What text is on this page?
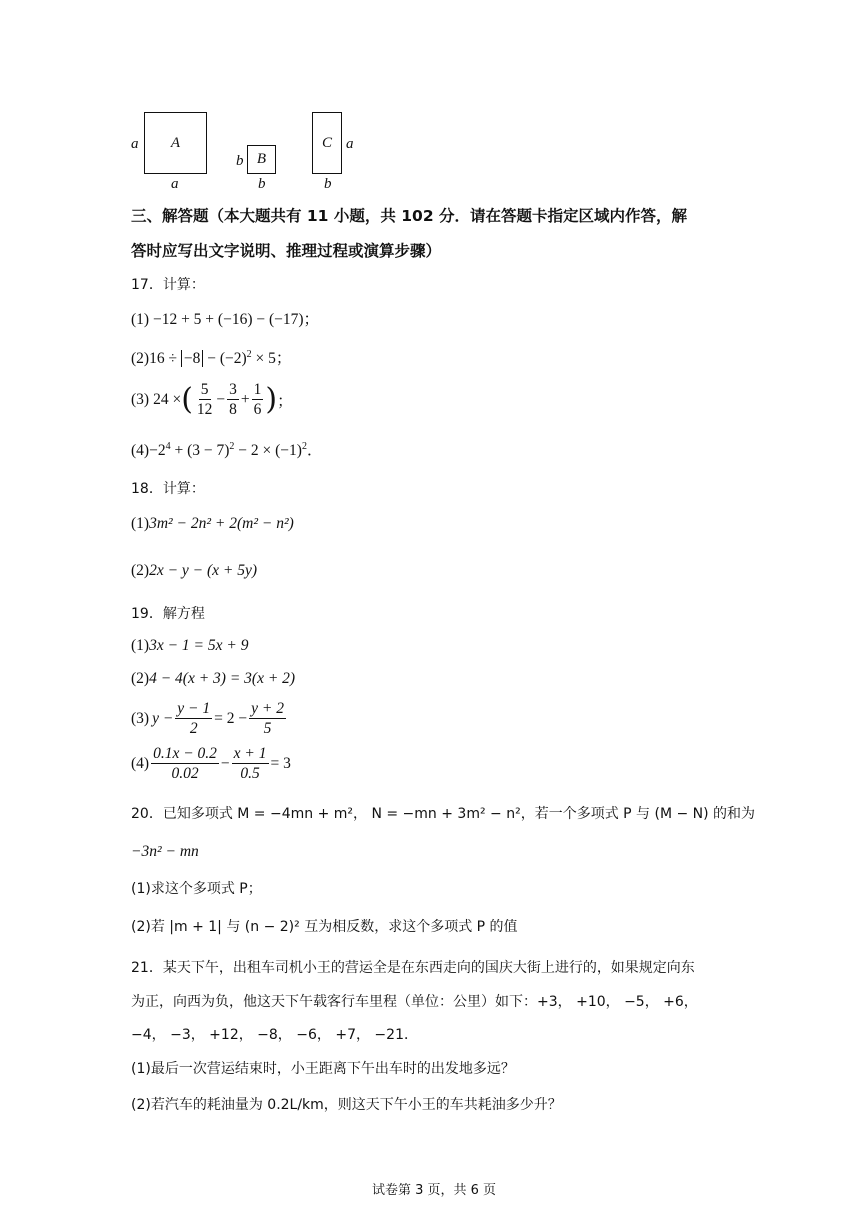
A
a
a
B
b
b
C a
b
三、解答题（本大题共有 11 小题，共 102 分．请在答题卡指定区域内作答，解
答时应写出文字说明、推理过程或演算步骤）
17．计算：
(1) −12 + 5 + (−16) − (−17)；
$(2)16 \div -8 - (-2)^2 \times 5$；
(3) 24 × ( $\frac{5}{12} - \frac{3}{8} + \frac{1}{6}$ ) ；
$(4)-2^4 + (3 - 7)^2 - 2 \times (-1)^2$．
18．计算：
(1)3m² − 2n² + 2(m² − n²)
(2)2x − y − (x + 5y)
19．解方程
(1)3x − 1 = 5x + 9
(2)4 − 4(x + 3) = 3(x + 2)
(3) $y - \frac{y - 1}{2} = 2 - \frac{y + 2}{5}$
$(4) \frac{0.1x - 0.2}{0.02} - \frac{x + 1}{0.5} = 3$
20．已知多项式 M = −4mn + m²， N = −mn + 3m² − n²，若一个多项式 P 与 (M − N) 的和为
−3n² − mn
(1)求这个多项式 P；
(2)若 |m + 1| 与 (n − 2)² 互为相反数，求这个多项式 P 的值
21．某天下午，出租车司机小王的营运全是在东西走向的国庆大街上进行的，如果规定向东
为正，向西为负，他这天下午载客行车里程（单位：公里）如下：+3， +10， −5， +6，
−4， −3， +12， −8， −6， +7， −21．
(1)最后一次营运结束时，小王距离下午出车时的出发地多远？
(2)若汽车的耗油量为 0.2L/km，则这天下午小王的车共耗油多少升？
试卷第 3 页，共 6 页
